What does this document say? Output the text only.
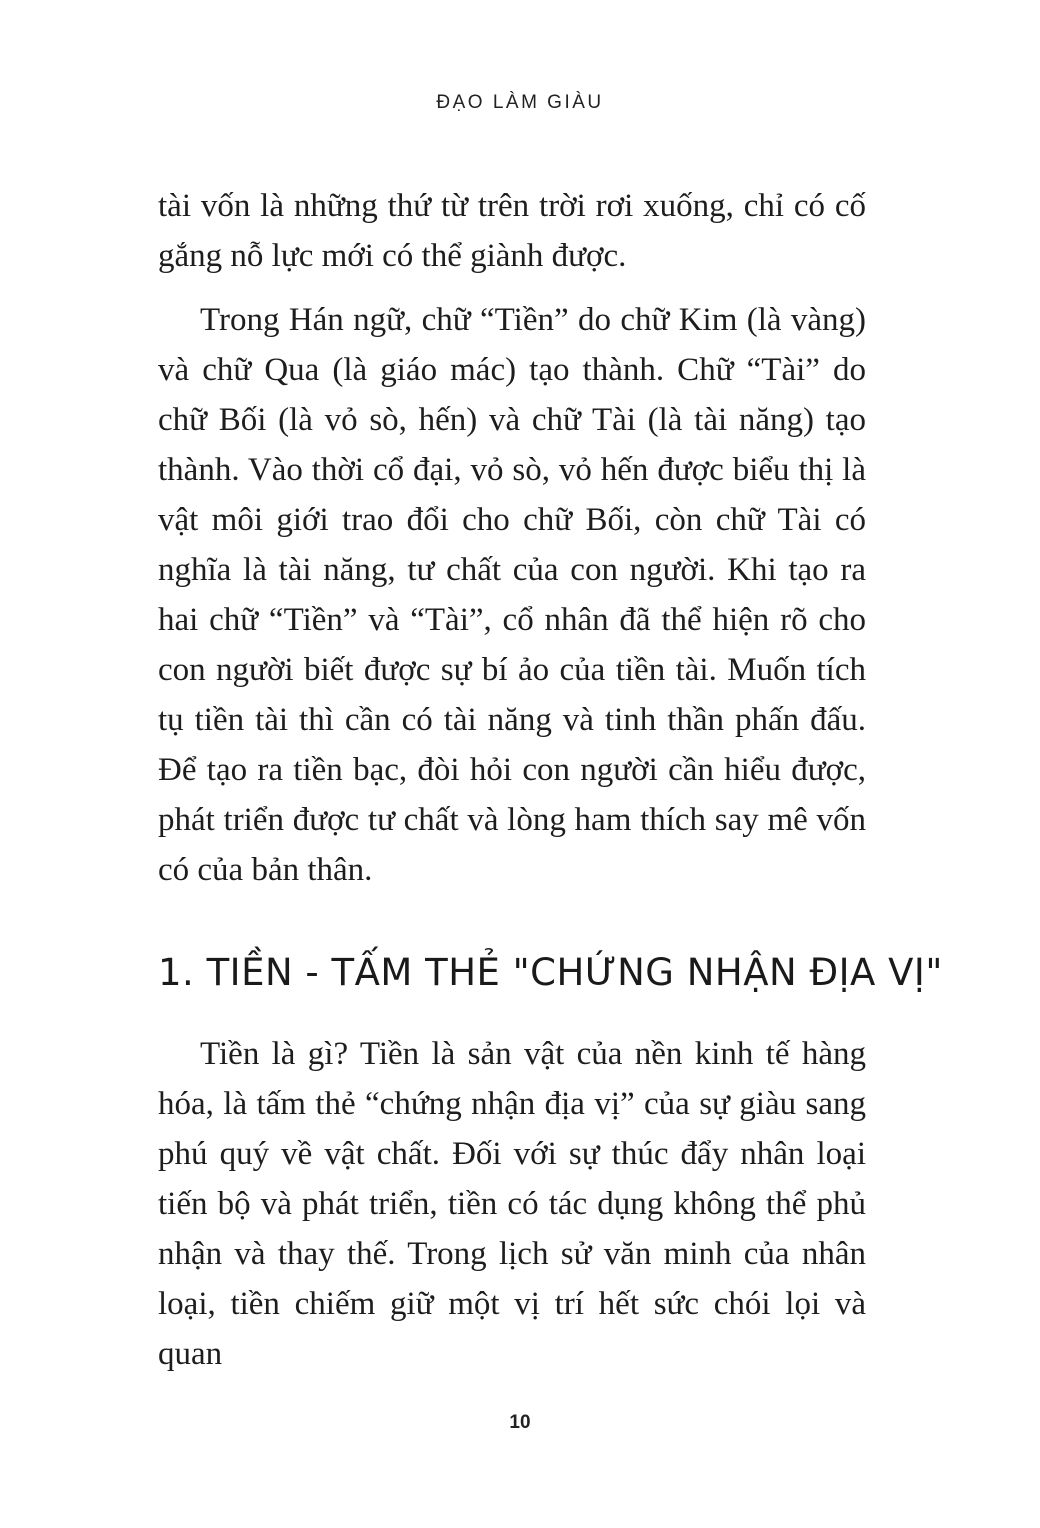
ĐẠO LÀM GIÀU

tài vốn là những thứ từ trên trời rơi xuống, chỉ có cố gắng nỗ lực mới có thể giành được.

Trong Hán ngữ, chữ “Tiền” do chữ Kim (là vàng) và chữ Qua (là giáo mác) tạo thành. Chữ “Tài” do chữ Bối (là vỏ sò, hến) và chữ Tài (là tài năng) tạo thành. Vào thời cổ đại, vỏ sò, vỏ hến được biểu thị là vật môi giới trao đổi cho chữ Bối, còn chữ Tài có nghĩa là tài năng, tư chất của con người. Khi tạo ra hai chữ “Tiền” và “Tài”, cổ nhân đã thể hiện rõ cho con người biết được sự bí ảo của tiền tài. Muốn tích tụ tiền tài thì cần có tài năng và tinh thần phấn đấu. Để tạo ra tiền bạc, đòi hỏi con người cần hiểu được, phát triển được tư chất và lòng ham thích say mê vốn có của bản thân.

1. TIỀN - TẤM THẺ "CHỨNG NHẬN ĐỊA VỊ"

Tiền là gì? Tiền là sản vật của nền kinh tế hàng hóa, là tấm thẻ “chứng nhận địa vị” của sự giàu sang phú quý về vật chất. Đối với sự thúc đẩy nhân loại tiến bộ và phát triển, tiền có tác dụng không thể phủ nhận và thay thế. Trong lịch sử văn minh của nhân loại, tiền chiếm giữ một vị trí hết sức chói lọi và quan

10
